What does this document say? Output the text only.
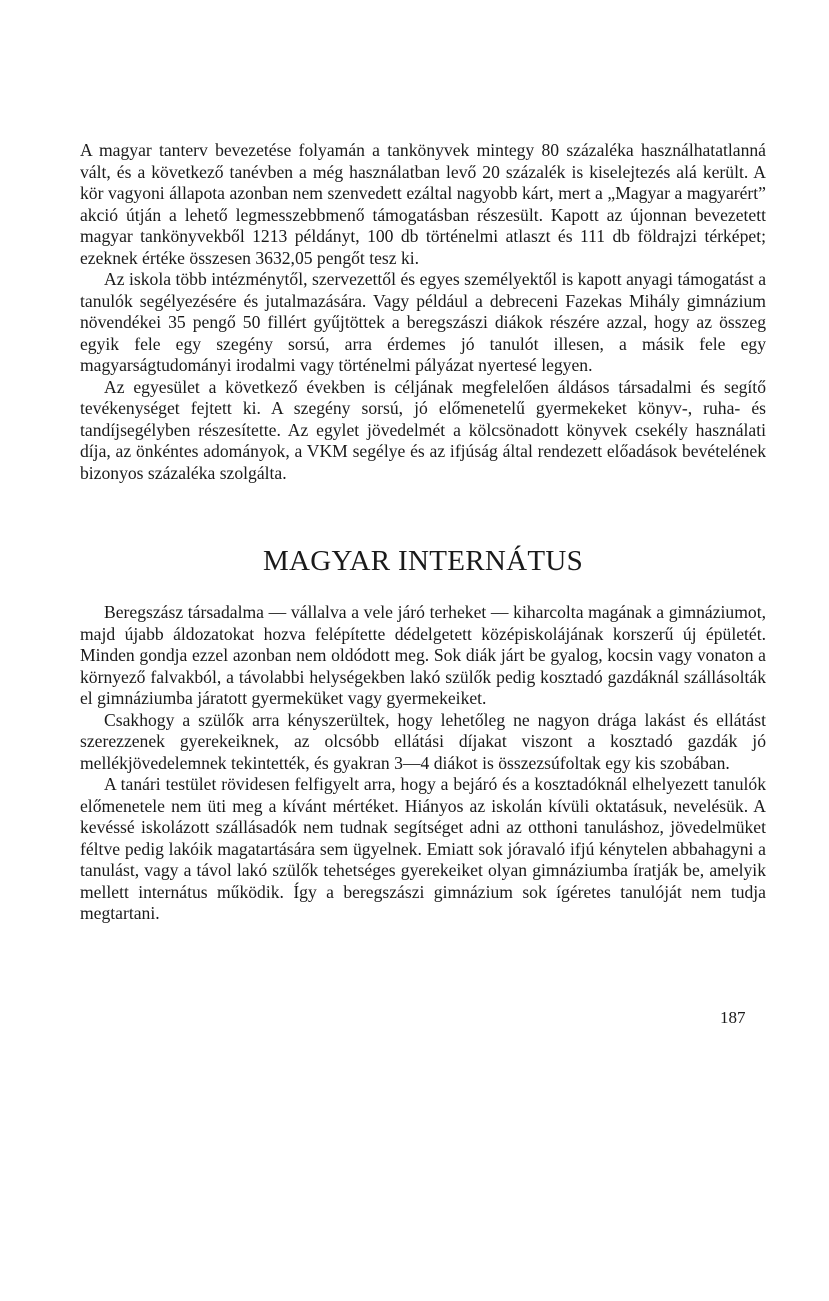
A magyar tanterv bevezetése folyamán a tankönyvek mintegy 80 százaléka használhatatlanná vált, és a következő tanévben a még használatban levő 20 százalék is kiselejtezés alá került. A kör vagyoni állapota azonban nem szenvedett ezáltal nagyobb kárt, mert a „Magyar a magyarért” akció útján a lehető legmesszebbmenő támogatásban részesült. Kapott az újonnan bevezetett magyar tankönyvekből 1213 példányt, 100 db történelmi atlaszt és 111 db földrajzi térképet; ezeknek értéke összesen 3632,05 pengőt tesz ki.

Az iskola több intézménytől, szervezettől és egyes személyektől is kapott anyagi támogatást a tanulók segélyezésére és jutalmazására. Vagy például a debreceni Fazekas Mihály gimnázium növendékei 35 pengő 50 fillért gyűjtöttek a beregszászi diákok részére azzal, hogy az összeg egyik fele egy szegény sorsú, arra érdemes jó tanulót illesen, a másik fele egy magyarságtudományi irodalmi vagy történelmi pályázat nyertesé legyen.

Az egyesület a következő években is céljának megfelelően áldásos társadalmi és segítő tevékenységet fejtett ki. A szegény sorsú, jó előmenetelű gyermekeket könyv-, ruha- és tandíjsegélyben részesítette. Az egylet jövedelmét a kölcsönadott könyvek csekély használati díja, az önkéntes adományok, a VKM segélye és az ifjúság által rendezett előadások bevételének bizonyos százaléka szolgálta.

MAGYAR INTERNÁTUS

Beregszász társadalma — vállalva a vele járó terheket — kiharcolta magának a gimnáziumot, majd újabb áldozatokat hozva felépítette dédelgetett középiskolájának korszerű új épületét. Minden gondja ezzel azonban nem oldódott meg. Sok diák járt be gyalog, kocsin vagy vonaton a környező falvakból, a távolabbi helységekben lakó szülők pedig kosztadó gazdáknál szállásolták el gimnáziumba járatott gyermeküket vagy gyermekeiket.

Csakhogy a szülők arra kényszerültek, hogy lehetőleg ne nagyon drága lakást és ellátást szerezzenek gyerekeiknek, az olcsóbb ellátási díjakat viszont a kosztadó gazdák jó mellékjövedelemnek tekintették, és gyakran 3—4 diákot is összezsúfoltak egy kis szobában.

A tanári testület rövidesen felfigyelt arra, hogy a bejáró és a kosztadóknál elhelyezett tanulók előmenetele nem üti meg a kívánt mértéket. Hiányos az iskolán kívüli oktatásuk, nevelésük. A kevéssé iskolázott szállásadók nem tudnak segítséget adni az otthoni tanuláshoz, jövedelmüket féltve pedig lakóik magatartására sem ügyelnek. Emiatt sok jóravaló ifjú kénytelen abbahagyni a tanulást, vagy a távol lakó szülők tehetséges gyerekeiket olyan gimnáziumba íratják be, amelyik mellett internátus működik. Így a beregszászi gimnázium sok ígéretes tanulóját nem tudja megtartani.

187
